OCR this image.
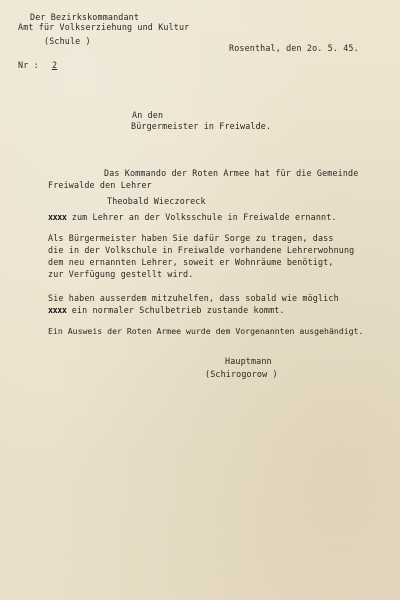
Der Bezirkskommandant
Amt für Volkserziehung und Kultur
(Schule )
Rosenthal, den 2o. 5. 45.
Nr : 2
An den
Bürgermeister in Freiwalde.
Das Kommando der Roten Armee hat für die Gemeinde
Freiwalde den Lehrer
Theobald Wieczoreck
xxxx zum Lehrer an der Volksschule in Freiwalde ernannt.
Als Bürgermeister haben Sie dafür Sorge zu tragen, dass
die in der Volkschule in Freiwalde vorhandene Lehrerwohnung
dem neu ernannten Lehrer, soweit er Wohnräume benötigt,
zur Verfügung gestellt wird.
Sie haben ausserdem mitzuhelfen, dass sobald wie möglich
xxxx ein normaler Schulbetrieb zustande kommt.
Ein Ausweis der Roten Armee wurde dem Vorgenannten ausgehändigt.
Hauptmann
(Schirogorow )
